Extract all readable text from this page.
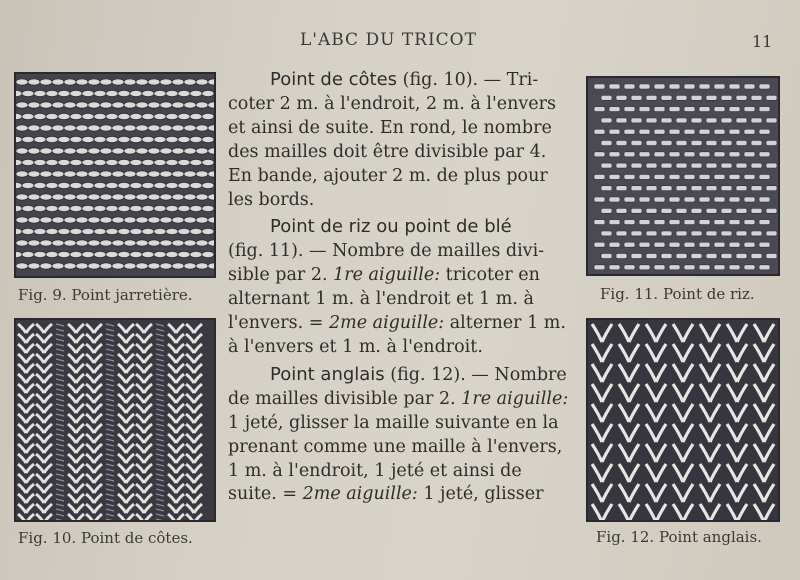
L'ABC DU TRICOT	11
Fig. 9. Point jarretière.
Fig. 10. Point de côtes.
Fig. 11. Point de riz.
Fig. 12. Point anglais.

Point de côtes (fig. 10). — Tri-
coter 2 m. à l'endroit, 2 m. à l'envers
et ainsi de suite. En rond, le nombre
des mailles doit être divisible par 4.
En bande, ajouter 2 m. de plus pour
les bords.

Point de riz ou point de blé
(fig. 11). — Nombre de mailles divi-
sible par 2. 1re aiguille: tricoter en
alternant 1 m. à l'endroit et 1 m. à
l'envers. = 2me aiguille: alterner 1 m.
à l'envers et 1 m. à l'endroit.

Point anglais (fig. 12). — Nombre
de mailles divisible par 2. 1re aiguille:
1 jeté, glisser la maille suivante en la
prenant comme une maille à l'envers,
1 m. à l'endroit, 1 jeté et ainsi de
suite. = 2me aiguille: 1 jeté, glisser
